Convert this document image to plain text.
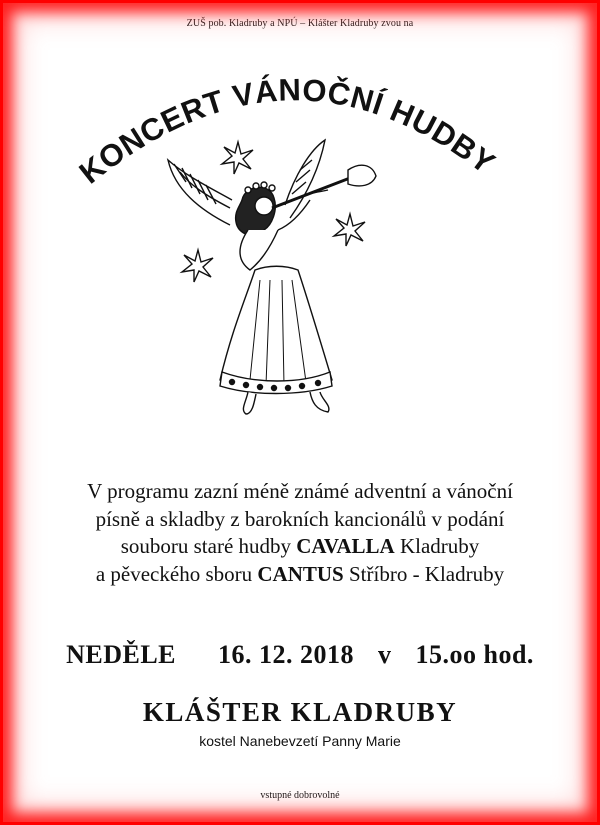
ZUŠ pob. Kladruby a NPÚ – Klášter Kladruby zvou na
KONCERT VÁNOČNÍ HUDBY
V programu zazní méně známé adventní a vánoční
písně a skladby z barokních kancionálů v podání
souboru staré hudby CAVALLA Kladruby
a pěveckého sboru CANTUS Stříbro - Kladruby
NEDĚLE 16. 12. 2018 v 15.oo hod.
KLÁŠTER KLADRUBY
kostel Nanebevzetí Panny Marie
vstupné dobrovolné
